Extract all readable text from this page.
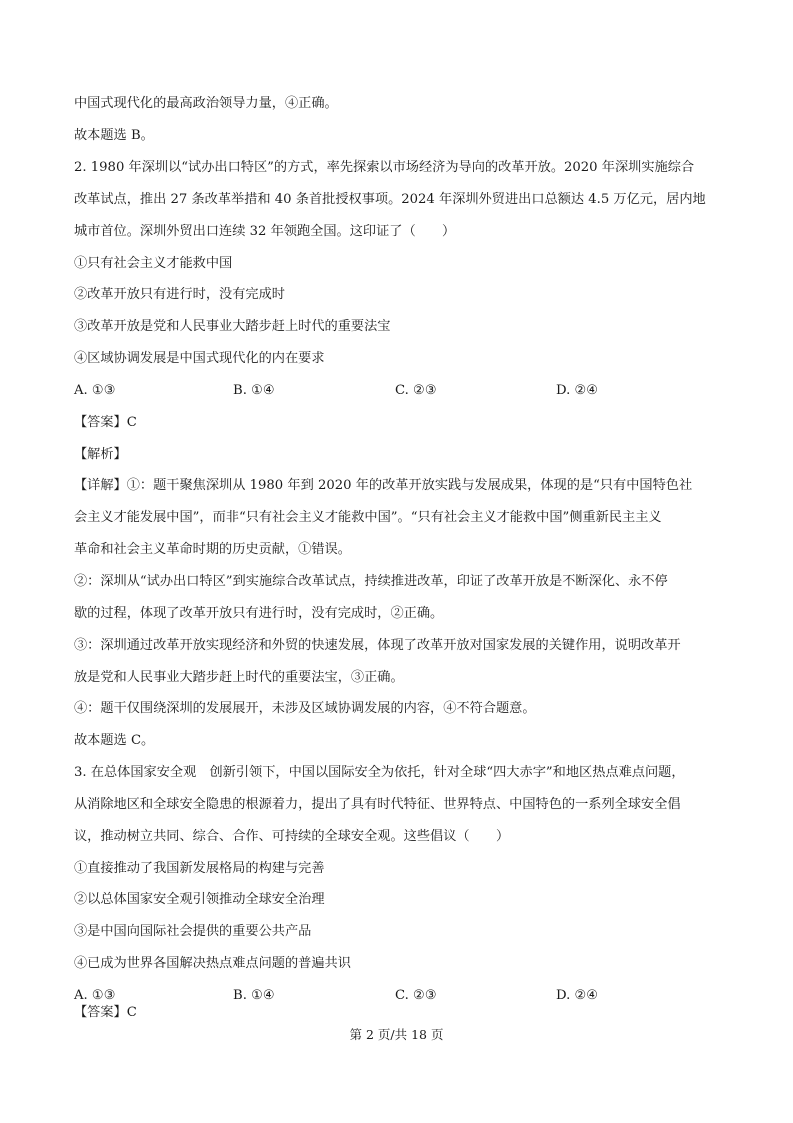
中国式现代化的最高政治领导力量，④正确。
故本题选 B。
2. 1980 年深圳以“试办出口特区”的方式，率先探索以市场经济为导向的改革开放。2020 年深圳实施综合
改革试点，推出 27 条改革举措和 40 条首批授权事项。2024 年深圳外贸进出口总额达 4.5 万亿元，居内地
城市首位。深圳外贸出口连续 32 年领跑全国。这印证了（　　）
①只有社会主义才能救中国
②改革开放只有进行时，没有完成时
③改革开放是党和人民事业大踏步赶上时代的重要法宝
④区域协调发展是中国式现代化的内在要求
A. ①③	B. ①④	C. ②③	D. ②④
【答案】C
【解析】
【详解】①：题干聚焦深圳从 1980 年到 2020 年的改革开放实践与发展成果，体现的是“只有中国特色社
会主义才能发展中国”，而非“只有社会主义才能救中国”。“只有社会主义才能救中国”侧重新民主主义
革命和社会主义革命时期的历史贡献，①错误。
②：深圳从“试办出口特区”到实施综合改革试点，持续推进改革，印证了改革开放是不断深化、永不停
歇的过程，体现了改革开放只有进行时，没有完成时，②正确。
③：深圳通过改革开放实现经济和外贸的快速发展，体现了改革开放对国家发展的关键作用，说明改革开
放是党和人民事业大踏步赶上时代的重要法宝，③正确。
④：题干仅围绕深圳的发展展开，未涉及区域协调发展的内容，④不符合题意。
故本题选 C。
3. 在总体国家安全观　创新引领下，中国以国际安全为依托，针对全球“四大赤字”和地区热点难点问题，
从消除地区和全球安全隐患的根源着力，提出了具有时代特征、世界特点、中国特色的一系列全球安全倡
议，推动树立共同、综合、合作、可持续的全球安全观。这些倡议（　　）
①直接推动了我国新发展格局的构建与完善
②以总体国家安全观引领推动全球安全治理
③是中国向国际社会提供的重要公共产品
④已成为世界各国解决热点难点问题的普遍共识
A. ①③	B. ①④	C. ②③	D. ②④
【答案】C
第 2 页/共 18 页
